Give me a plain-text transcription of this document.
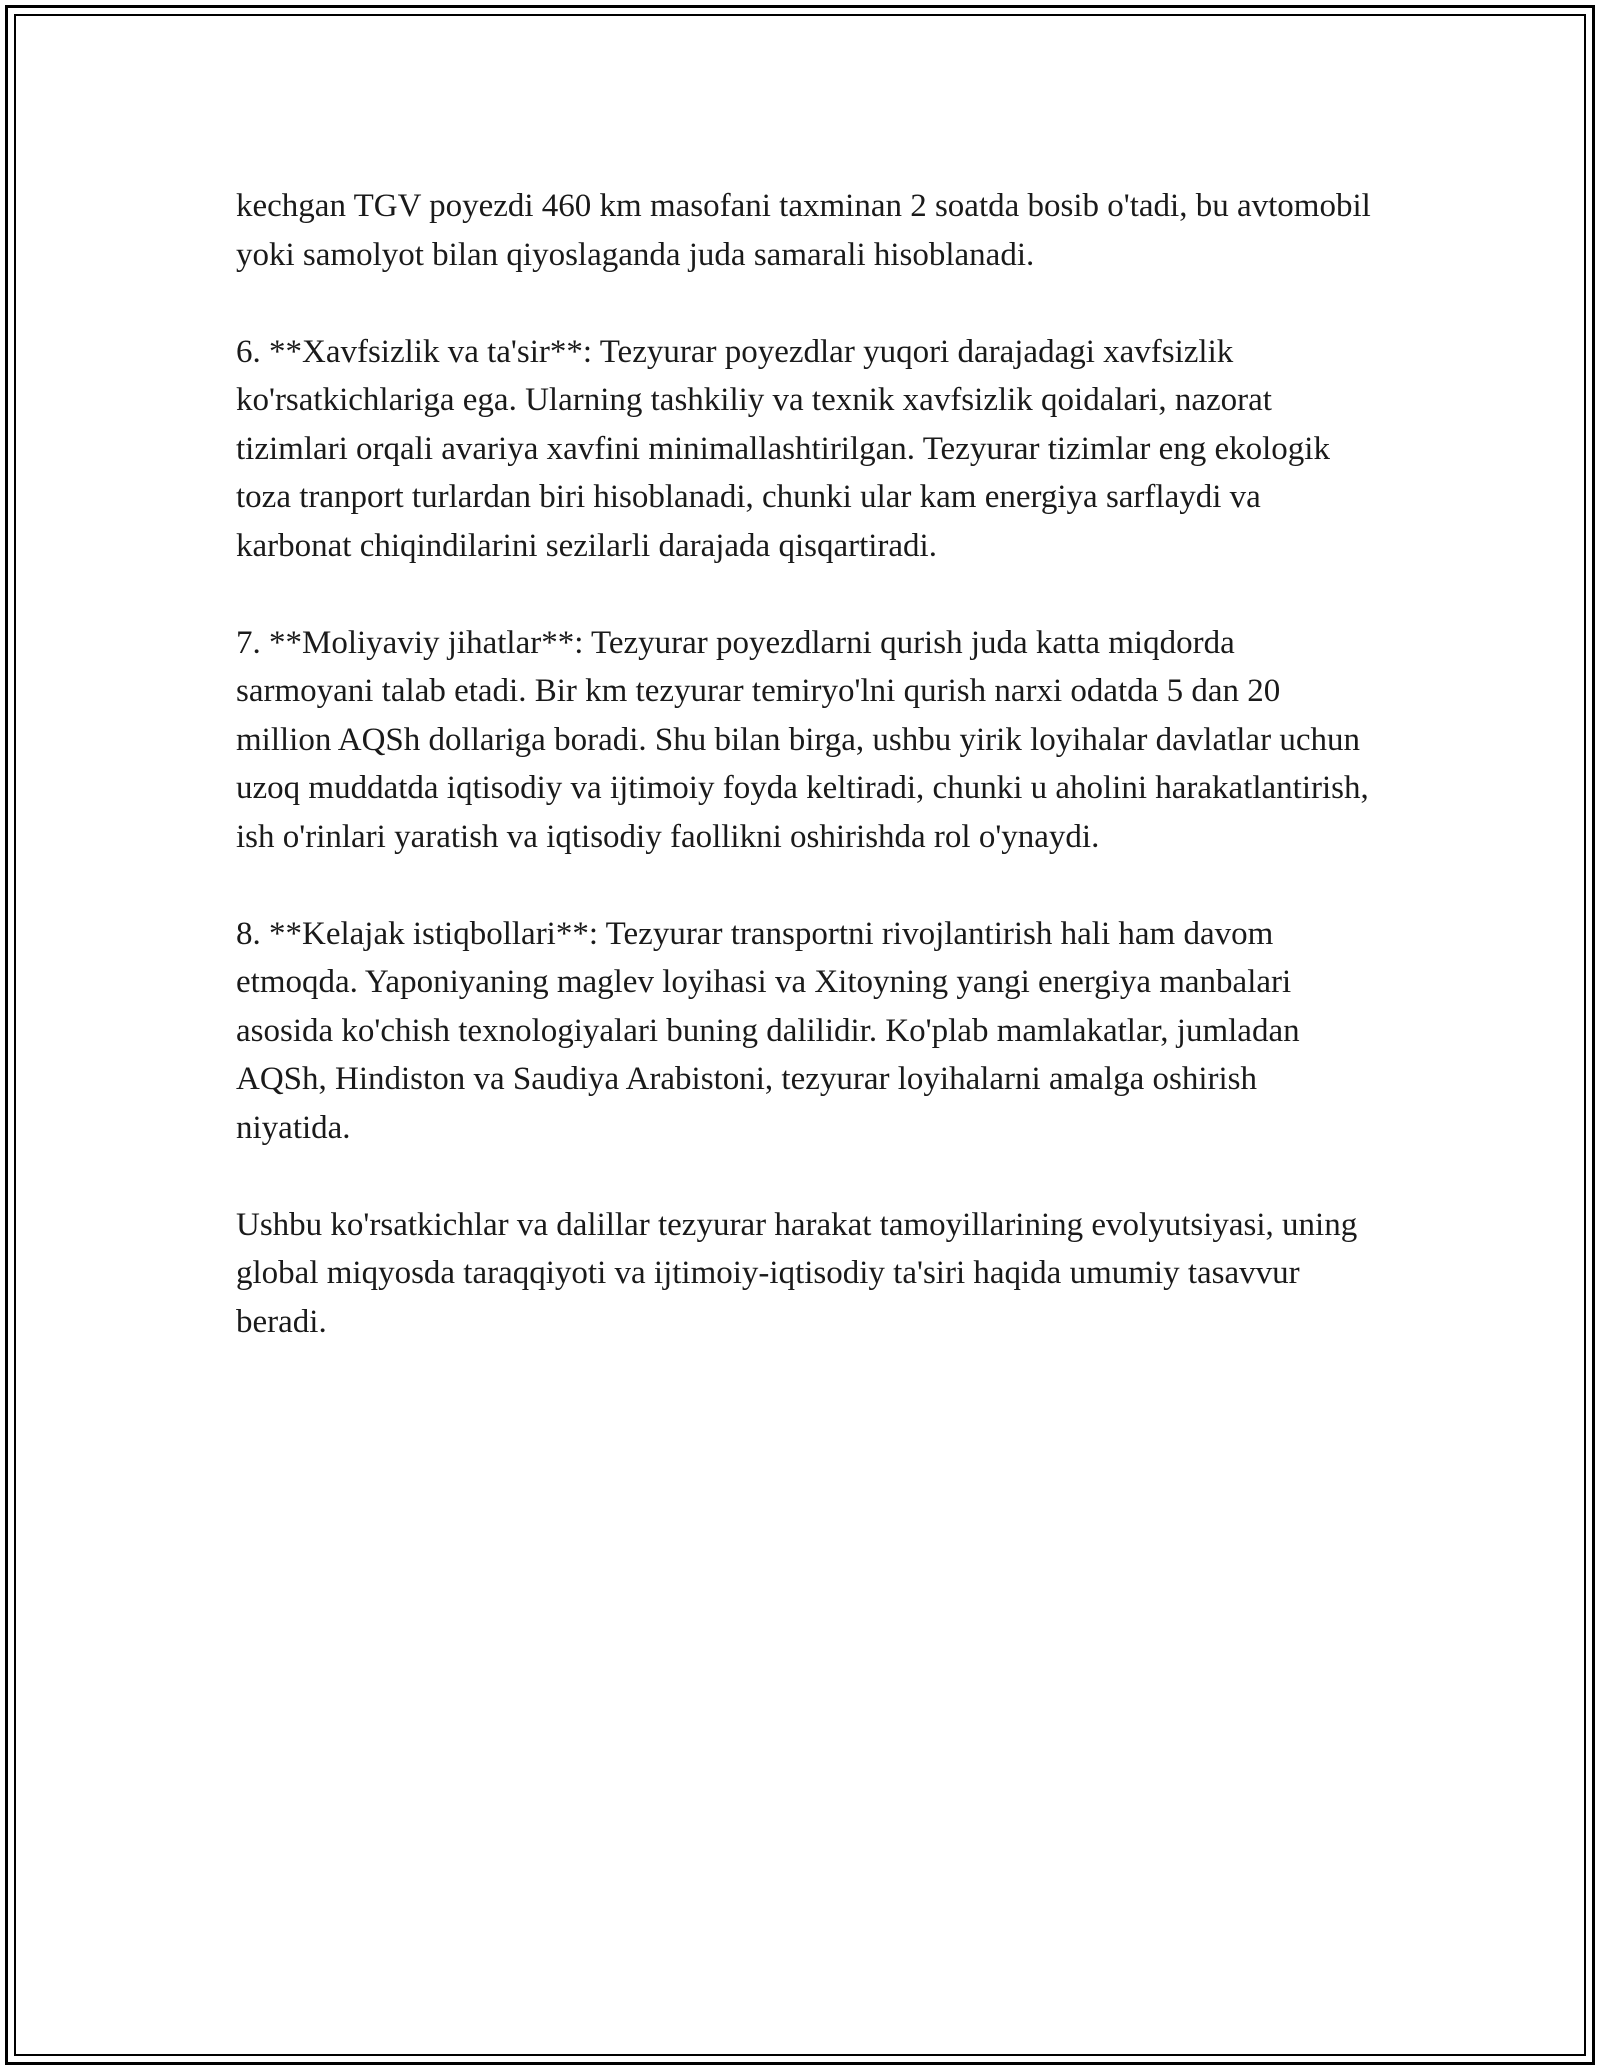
kechgan TGV poyezdi 460 km masofani taxminan 2 soatda bosib o'tadi, bu avtomobil yoki samolyot bilan qiyoslaganda juda samarali hisoblanadi.

6. **Xavfsizlik va ta'sir**: Tezyurar poyezdlar yuqori darajadagi xavfsizlik ko'rsatkichlariga ega. Ularning tashkiliy va texnik xavfsizlik qoidalari, nazorat tizimlari orqali avariya xavfini minimallashtirilgan. Tezyurar tizimlar eng ekologik toza tranport turlardan biri hisoblanadi, chunki ular kam energiya sarflaydi va karbonat chiqindilarini sezilarli darajada qisqartiradi.

7. **Moliyaviy jihatlar**: Tezyurar poyezdlarni qurish juda katta miqdorda sarmoyani talab etadi. Bir km tezyurar temiryo'lni qurish narxi odatda 5 dan 20 million AQSh dollariga boradi. Shu bilan birga, ushbu yirik loyihalar davlatlar uchun uzoq muddatda iqtisodiy va ijtimoiy foyda keltiradi, chunki u aholini harakatlantirish, ish o'rinlari yaratish va iqtisodiy faollikni oshirishda rol o'ynaydi.

8. **Kelajak istiqbollari**: Tezyurar transportni rivojlantirish hali ham davom etmoqda. Yaponiyaning maglev loyihasi va Xitoyning yangi energiya manbalari asosida ko'chish texnologiyalari buning dalilidir. Ko'plab mamlakatlar, jumladan AQSh, Hindiston va Saudiya Arabistoni, tezyurar loyihalarni amalga oshirish niyatida.

Ushbu ko'rsatkichlar va dalillar tezyurar harakat tamoyillarining evolyutsiyasi, uning global miqyosda taraqqiyoti va ijtimoiy-iqtisodiy ta'siri haqida umumiy tasavvur beradi.
